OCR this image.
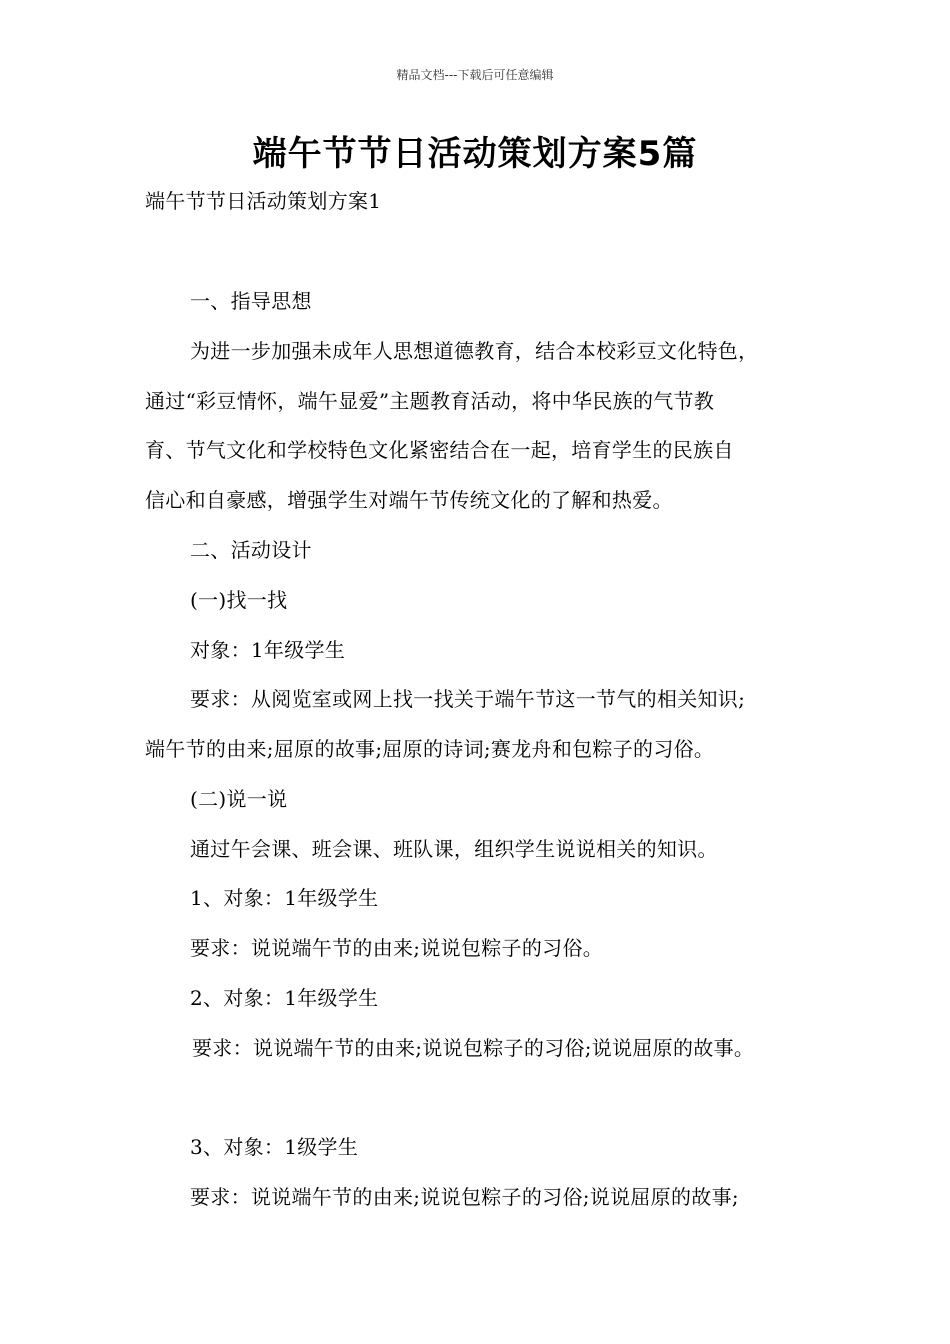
精品文档---下载后可任意编辑
端午节节日活动策划方案5篇
端午节节日活动策划方案1
一、指导思想
为进一步加强未成年人思想道德教育，结合本校彩豆文化特色，
通过“彩豆情怀，端午显爱”主题教育活动，将中华民族的气节教
育、节气文化和学校特色文化紧密结合在一起，培育学生的民族自
信心和自豪感，增强学生对端午节传统文化的了解和热爱。
二、活动设计
(一)找一找
对象：1年级学生
要求：从阅览室或网上找一找关于端午节这一节气的相关知识;
端午节的由来;屈原的故事;屈原的诗词;赛龙舟和包粽子的习俗。
(二)说一说
通过午会课、班会课、班队课，组织学生说说相关的知识。
1、对象：1年级学生
要求：说说端午节的由来;说说包粽子的习俗。
2、对象：1年级学生
要求：说说端午节的由来;说说包粽子的习俗;说说屈原的故事。
3、对象：1级学生
要求：说说端午节的由来;说说包粽子的习俗;说说屈原的故事;
